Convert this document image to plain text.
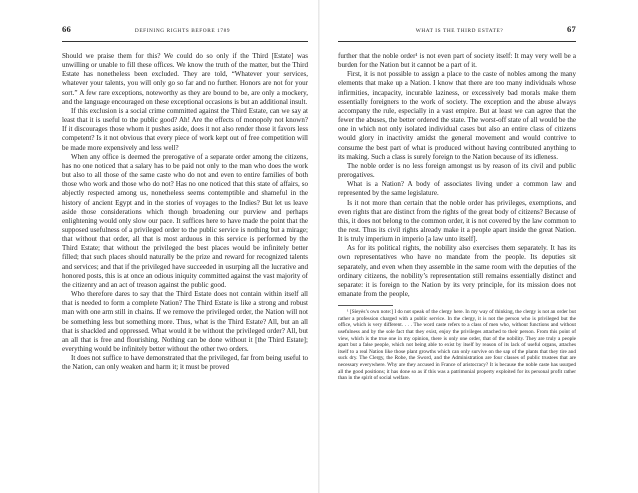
66	DEFINING RIGHTS BEFORE 1789

Should we praise them for this? We could do so only if the Third [Estate] was unwilling or unable to fill these offices. We know the truth of the matter, but the Third Estate has nonetheless been excluded. They are told, “Whatever your services, whatever your talents, you will only go so far and no further. Honors are not for your sort.” A few rare exceptions, noteworthy as they are bound to be, are only a mockery, and the language encouraged on these exceptional occasions is but an additional insult.

If this exclusion is a social crime committed against the Third Estate, can we say at least that it is useful to the public good? Ah! Are the effects of monopoly not known? If it discourages those whom it pushes aside, does it not also render those it favors less competent? Is it not obvious that every piece of work kept out of free competition will be made more expensively and less well?

When any office is deemed the prerogative of a separate order among the citizens, has no one noticed that a salary has to be paid not only to the man who does the work but also to all those of the same caste who do not and even to entire families of both those who work and those who do not? Has no one noticed that this state of affairs, so abjectly respected among us, nonetheless seems contemptible and shameful in the history of ancient Egypt and in the stories of voyages to the Indies? But let us leave aside those considerations which though broadening our purview and perhaps enlightening would only slow our pace. It suffices here to have made the point that the supposed usefulness of a privileged order to the public service is nothing but a mirage; that without that order, all that is most arduous in this service is performed by the Third Estate; that without the privileged the best places would be infinitely better filled; that such places should naturally be the prize and reward for recognized talents and services; and that if the privileged have succeeded in usurping all the lucrative and honored posts, this is at once an odious iniquity committed against the vast majority of the citizenry and an act of treason against the public good.

Who therefore dares to say that the Third Estate does not contain within itself all that is needed to form a complete Nation? The Third Estate is like a strong and robust man with one arm still in chains. If we remove the privileged order, the Nation will not be something less but something more. Thus, what is the Third Estate? All, but an all that is shackled and oppressed. What would it be without the privileged order? All, but an all that is free and flourishing. Nothing can be done without it [the Third Estate]; everything would be infinitely better without the other two orders.

It does not suffice to have demonstrated that the privileged, far from being useful to the Nation, can only weaken and harm it; it must be proved

WHAT IS THE THIRD ESTATE?	67

further that the noble order¹ is not even part of society itself: It may very well be a burden for the Nation but it cannot be a part of it.

First, it is not possible to assign a place to the caste of nobles among the many elements that make up a Nation. I know that there are too many individuals whose infirmities, incapacity, incurable laziness, or excessively bad morals make them essentially foreigners to the work of society. The exception and the abuse always accompany the rule, especially in a vast empire. But at least we can agree that the fewer the abuses, the better ordered the state. The worst-off state of all would be the one in which not only isolated individual cases but also an entire class of citizens would glory in inactivity amidst the general movement and would contrive to consume the best part of what is produced without having contributed anything to its making. Such a class is surely foreign to the Nation because of its idleness.

The noble order is no less foreign amongst us by reason of its civil and public prerogatives.

What is a Nation? A body of associates living under a common law and represented by the same legislature.

Is it not more than certain that the noble order has privileges, exemptions, and even rights that are distinct from the rights of the great body of citizens? Because of this, it does not belong to the common order, it is not covered by the law common to the rest. Thus its civil rights already make it a people apart inside the great Nation. It is truly imperium in imperio [a law unto itself].

As for its political rights, the nobility also exercises them separately. It has its own representatives who have no mandate from the people. Its deputies sit separately, and even when they assemble in the same room with the deputies of the ordinary citizens, the nobility’s representation still remains essentially distinct and separate: it is foreign to the Nation by its very principle, for its mission does not emanate from the people,

¹ [Sieyès’s own note:] I do not speak of the clergy here. In my way of thinking, the clergy is not an order but rather a profession charged with a public service. In the clergy, it is not the person who is privileged but the office, which is very different. . . . The word caste refers to a class of men who, without functions and without usefulness and by the sole fact that they exist, enjoy the privileges attached to their person. From this point of view, which is the true one in my opinion, there is only one order, that of the nobility. They are truly a people apart but a false people, which not being able to exist by itself by reason of its lack of useful organs, attaches itself to a real Nation like those plant growths which can only survive on the sap of the plants that they tire and suck dry. The Clergy, the Robe, the Sword, and the Administration are four classes of public trustees that are necessary everywhere. Why are they accused in France of aristocracy? It is because the noble caste has usurped all the good positions; it has done so as if this was a patrimonial property exploited for its personal profit rather than in the spirit of social welfare.
